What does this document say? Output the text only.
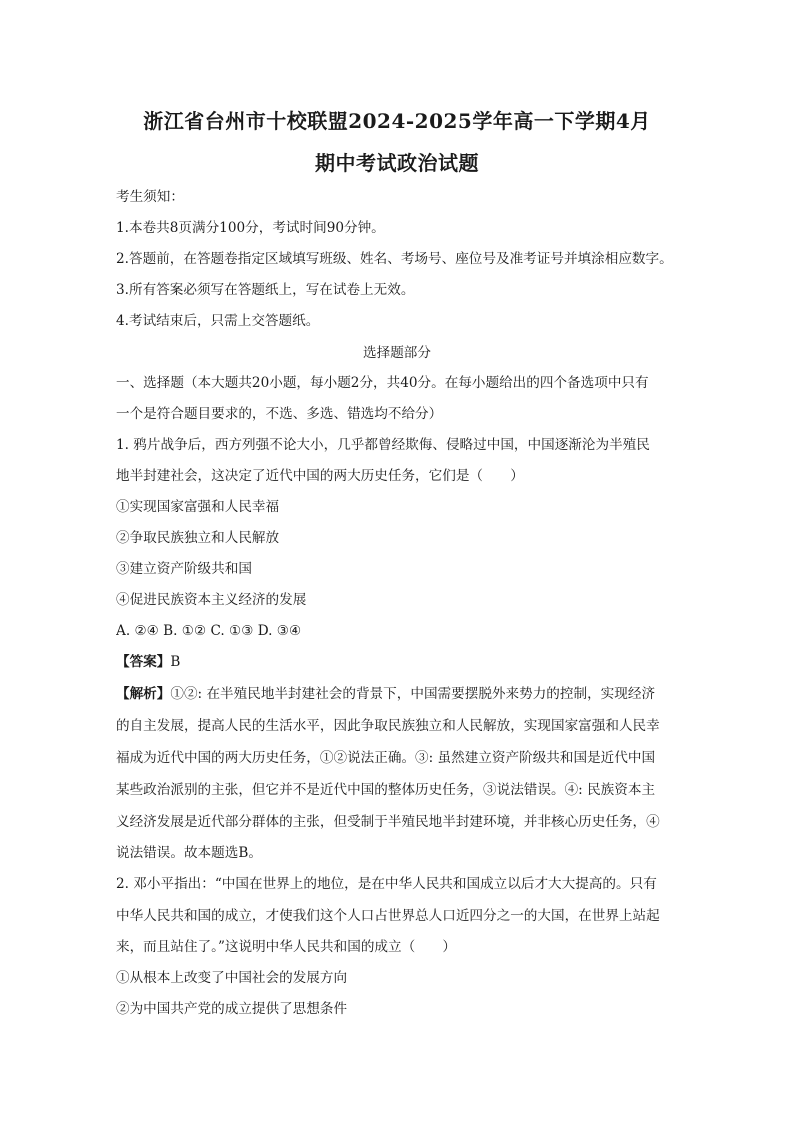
浙江省台州市十校联盟2024-2025学年高一下学期4月
期中考试政治试题
考生须知：
1.本卷共8页满分100分，考试时间90分钟。
2.答题前，在答题卷指定区域填写班级、姓名、考场号、座位号及准考证号并填涂相应数字。
3.所有答案必须写在答题纸上，写在试卷上无效。
4.考试结束后，只需上交答题纸。
选择题部分
一、选择题（本大题共20小题，每小题2分，共40分。在每小题给出的四个备选项中只有
一个是符合题目要求的，不选、多选、错选均不给分）
1. 鸦片战争后，西方列强不论大小，几乎都曾经欺侮、侵略过中国，中国逐渐沦为半殖民
地半封建社会，这决定了近代中国的两大历史任务，它们是（　　）
①实现国家富强和人民幸福
②争取民族独立和人民解放
③建立资产阶级共和国
④促进民族资本主义经济的发展
A. ②④ B. ①② C. ①③ D. ③④
【答案】B
【解析】①②: 在半殖民地半封建社会的背景下，中国需要摆脱外来势力的控制，实现经济
的自主发展，提高人民的生活水平，因此争取民族独立和人民解放，实现国家富强和人民幸
福成为近代中国的两大历史任务，①②说法正确。③: 虽然建立资产阶级共和国是近代中国
某些政治派别的主张，但它并不是近代中国的整体历史任务，③说法错误。④: 民族资本主
义经济发展是近代部分群体的主张，但受制于半殖民地半封建环境，并非核心历史任务，④
说法错误。故本题选B。
2. 邓小平指出：“中国在世界上的地位，是在中华人民共和国成立以后才大大提高的。只有
中华人民共和国的成立，才使我们这个人口占世界总人口近四分之一的大国，在世界上站起
来，而且站住了。”这说明中华人民共和国的成立（　　）
①从根本上改变了中国社会的发展方向
②为中国共产党的成立提供了思想条件
